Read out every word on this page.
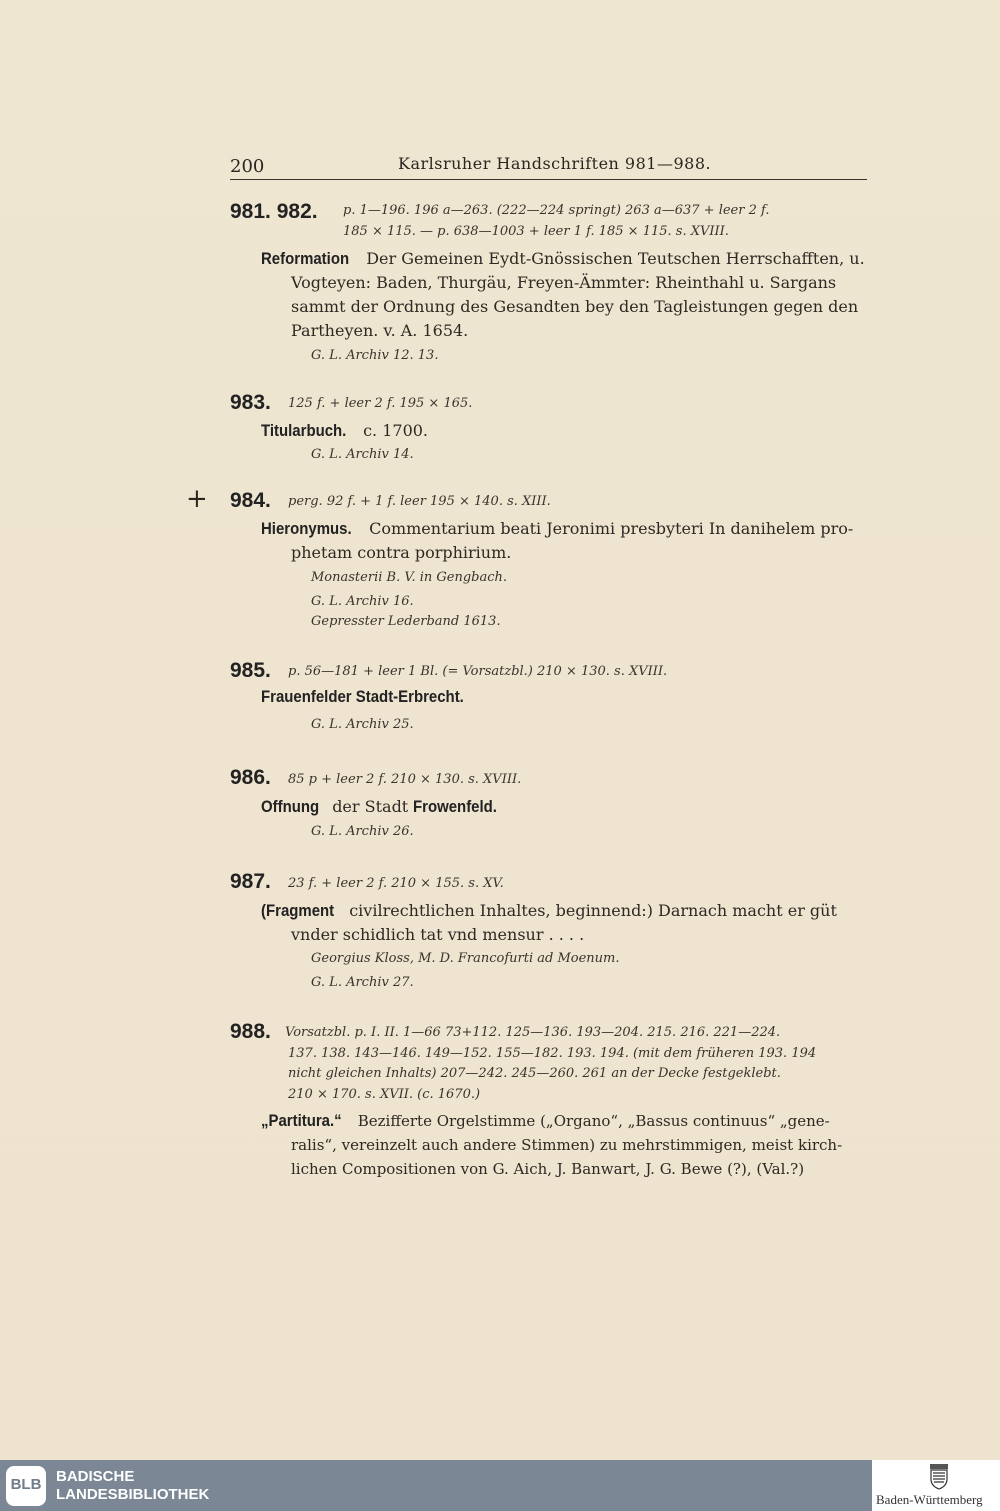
200	Karlsruher Handschriften 981—988.
981. 982. p. 1—196. 196 a—263. (222—224 springt) 263 a—637 + leer 2 f.
185 × 115. — p. 638—1003 + leer 1 f. 185 × 115. s. XVIII.
Reformation Der Gemeinen Eydt-Gnössischen Teutschen Herrschafften, u.
Vogteyen: Baden, Thurgäu, Freyen-Ämmter: Rheinthahl u. Sargans
sammt der Ordnung des Gesandten bey den Tagleistungen gegen den
Partheyen. v. A. 1654.
G. L. Archiv 12. 13.
983. 125 f. + leer 2 f. 195 × 165.
Titularbuch. c. 1700.
G. L. Archiv 14.
+ 984. perg. 92 f. + 1 f. leer 195 × 140. s. XIII.
Hieronymus. Commentarium beati Jeronimi presbyteri In danihelem pro-
phetam contra porphirium.
Monasterii B. V. in Gengbach.
G. L. Archiv 16.
Gepresster Lederband 1613.
985. p. 56—181 + leer 1 Bl. (= Vorsatzbl.) 210 × 130. s. XVIII.
Frauenfelder Stadt-Erbrecht.
G. L. Archiv 25.
986. 85 p + leer 2 f. 210 × 130. s. XVIII.
Offnung der Stadt Frowenfeld.
G. L. Archiv 26.
987. 23 f. + leer 2 f. 210 × 155. s. XV.
(Fragment civilrechtlichen Inhaltes, beginnend:) Darnach macht er güt
vnder schidlich tat vnd mensur . . . .
Georgius Kloss, M. D. Francofurti ad Moenum.
G. L. Archiv 27.
988. Vorsatzbl. p. I. II. 1—66 73+112. 125—136. 193—204. 215. 216. 221—224.
137. 138. 143—146. 149—152. 155—182. 193. 194. (mit dem früheren 193. 194
nicht gleichen Inhalts) 207—242. 245—260. 261 an der Decke festgeklebt.
210 × 170. s. XVII. (c. 1670.)
„Partitura.“ Bezifferte Orgelstimme („Organo“, „Bassus continuus“ „gene-
ralis“, vereinzelt auch andere Stimmen) zu mehrstimmigen, meist kirch-
lichen Compositionen von G. Aich, J. Banwart, J. G. Bewe (?), (Val.?)
BLB BADISCHE
LANDESBIBLIOTHEK	Baden-Württemberg
